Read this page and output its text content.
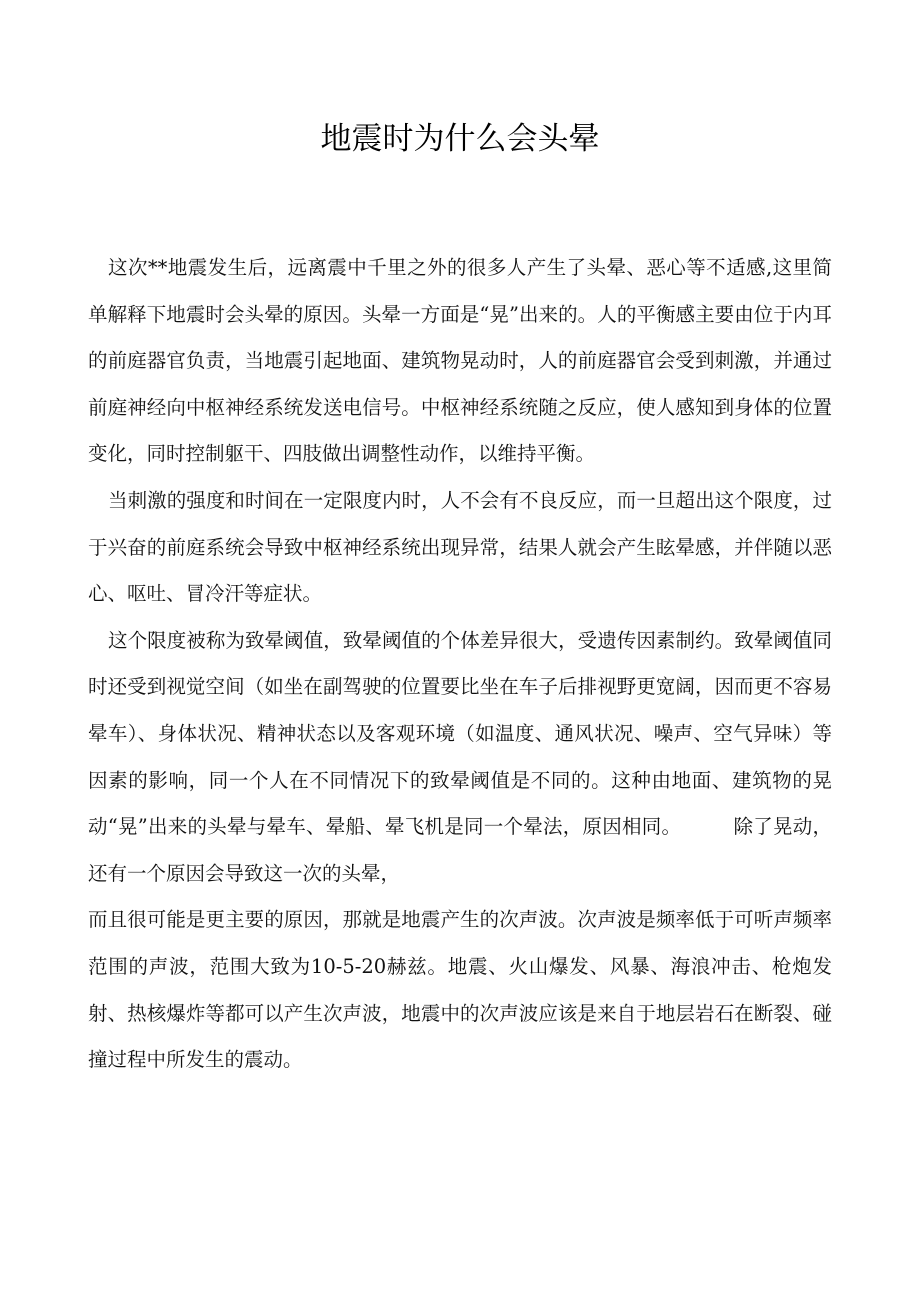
地震时为什么会头晕

这次**地震发生后，远离震中千里之外的很多人产生了头晕、恶心等不适感,这里简单解释下地震时会头晕的原因。头晕一方面是“晃”出来的。人的平衡感主要由位于内耳的前庭器官负责，当地震引起地面、建筑物晃动时，人的前庭器官会受到刺激，并通过前庭神经向中枢神经系统发送电信号。中枢神经系统随之反应，使人感知到身体的位置变化，同时控制躯干、四肢做出调整性动作，以维持平衡。

当刺激的强度和时间在一定限度内时，人不会有不良反应，而一旦超出这个限度，过于兴奋的前庭系统会导致中枢神经系统出现异常，结果人就会产生眩晕感，并伴随以恶心、呕吐、冒冷汗等症状。

这个限度被称为致晕阈值，致晕阈值的个体差异很大，受遗传因素制约。致晕阈值同时还受到视觉空间（如坐在副驾驶的位置要比坐在车子后排视野更宽阔，因而更不容易晕车）、身体状况、精神状态以及客观环境（如温度、通风状况、噪声、空气异味）等因素的影响，同一个人在不同情况下的致晕阈值是不同的。这种由地面、建筑物的晃动“晃”出来的头晕与晕车、晕船、晕飞机是同一个晕法，原因相同。	除了晃动，还有一个原因会导致这一次的头晕，

而且很可能是更主要的原因，那就是地震产生的次声波。次声波是频率低于可听声频率范围的声波，范围大致为10-5-20赫兹。地震、火山爆发、风暴、海浪冲击、枪炮发射、热核爆炸等都可以产生次声波，地震中的次声波应该是来自于地层岩石在断裂、碰撞过程中所发生的震动。
